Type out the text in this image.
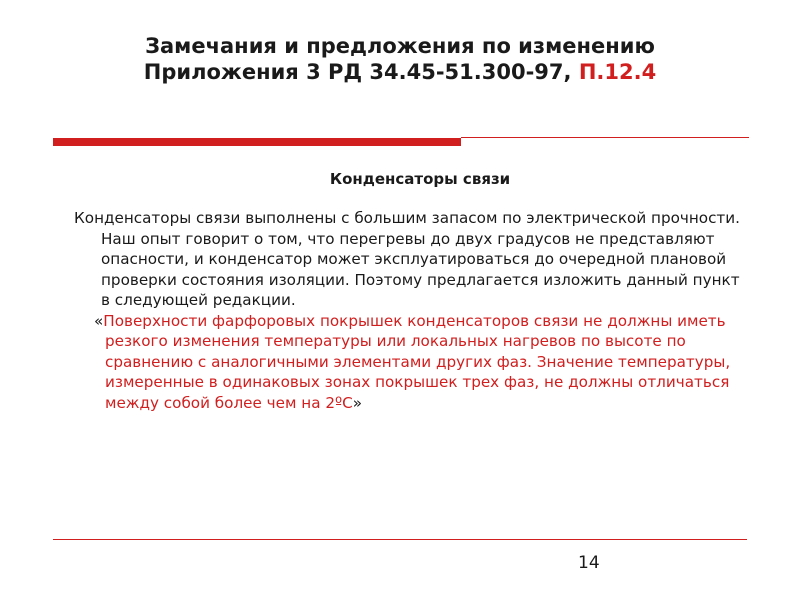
Замечания и предложения по изменению
Приложения 3 РД 34.45-51.300-97, П.12.4
Конденсаторы связи

Конденсаторы связи выполнены с большим запасом по электрической прочности. Наш опыт говорит о том, что перегревы до двух градусов не представляют опасности, и конденсатор может эксплуатироваться до очередной плановой проверки состояния изоляции. Поэтому предлагается изложить данный пункт в следующей редакции.

«Поверхности фарфоровых покрышек конденсаторов связи не должны иметь резкого изменения температуры или локальных нагревов по высоте по сравнению с аналогичными элементами других фаз. Значение температуры, измеренные в одинаковых зонах покрышек трех фаз, не должны отличаться между собой более чем на 2ºС»

14
